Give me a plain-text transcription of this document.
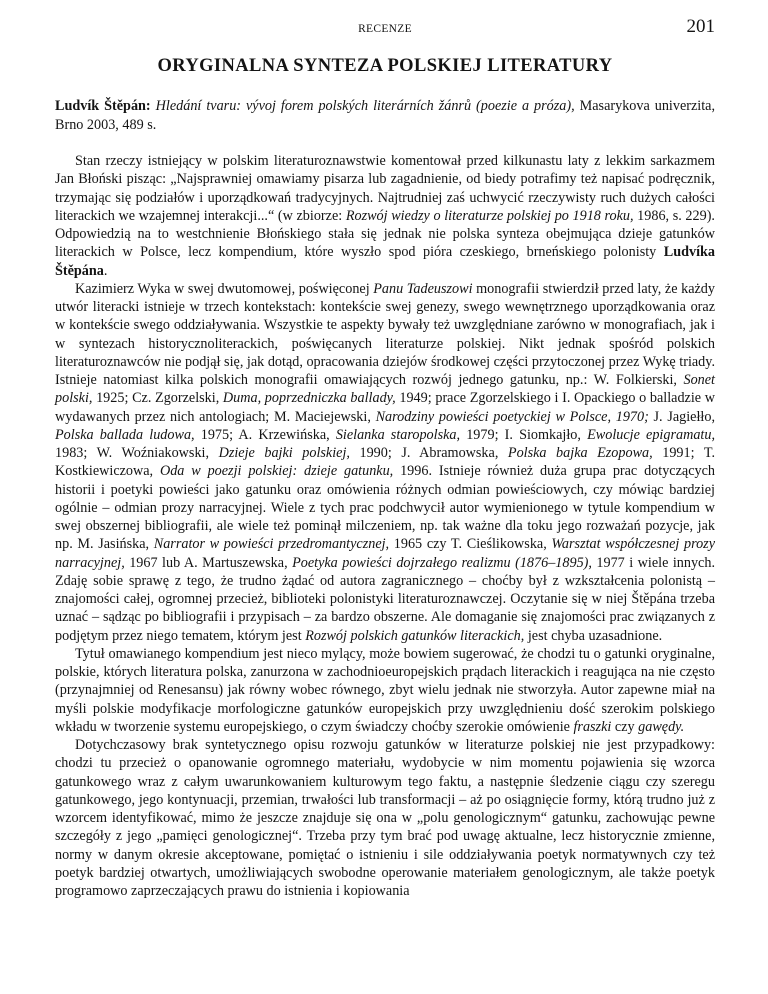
RECENZE	201
ORYGINALNA SYNTEZA POLSKIEJ LITERATURY

Ludvík Štěpán: Hledání tvaru: vývoj forem polských literárních žánrů (poezie a próza), Masarykova univerzita, Brno 2003, 489 s.

Stan rzeczy istniejący w polskim literaturoznawstwie komentował przed kilkunastu laty z lekkim sarkazmem Jan Błoński pisząc: „Najsprawniej omawiamy pisarza lub zagadnienie, od biedy potrafimy też napisać podręcznik, trzymając się podziałów i uporządkowań tradycyjnych. Najtrudniej zaś uchwycić rzeczywisty ruch dużych całości literackich we wzajemnej interakcji...“ (w zbiorze: Rozwój wiedzy o literaturze polskiej po 1918 roku, 1986, s. 229). Odpowiedzią na to westchnienie Błońskiego stała się jednak nie polska synteza obejmująca dzieje gatunków literackich w Polsce, lecz kompendium, które wyszło spod pióra czeskiego, brneńskiego polonisty Ludvíka Štěpána.

Kazimierz Wyka w swej dwutomowej, poświęconej Panu Tadeuszowi monografii stwierdził przed laty, że każdy utwór literacki istnieje w trzech kontekstach: kontekście swej genezy, swego wewnętrznego uporządkowania oraz w kontekście swego oddziaływania. Wszystkie te aspekty bywały też uwzględniane zarówno w monografiach, jak i w syntezach historycznoliterackich, poświęcanych literaturze polskiej. Nikt jednak spośród polskich literaturoznawców nie podjął się, jak dotąd, opracowania dziejów środkowej części przytoczonej przez Wykę triady. Istnieje natomiast kilka polskich monografii omawiających rozwój jednego gatunku, np.: W. Folkierski, Sonet polski, 1925; Cz. Zgorzelski, Duma, poprzedniczka ballady, 1949; prace Zgorzelskiego i I. Opackiego o balladzie w wydawanych przez nich antologiach; M. Maciejewski, Narodziny powieści poetyckiej w Polsce, 1970; J. Jagiełło, Polska ballada ludowa, 1975; A. Krzewińska, Sielanka staropolska, 1979; I. Siomkajło, Ewolucje epigramatu, 1983; W. Woźniakowski, Dzieje bajki polskiej, 1990; J. Abramowska, Polska bajka Ezopowa, 1991; T. Kostkiewiczowa, Oda w poezji polskiej: dzieje gatunku, 1996. Istnieje również duża grupa prac dotyczących historii i poetyki powieści jako gatunku oraz omówienia różnych odmian powieściowych, czy mówiąc bardziej ogólnie – odmian prozy narracyjnej. Wiele z tych prac podchwycił autor wymienionego w tytule kompendium w swej obszernej bibliografii, ale wiele też pominął milczeniem, np. tak ważne dla toku jego rozważań pozycje, jak np. M. Jasińska, Narrator w powieści przedromantycznej, 1965 czy T. Cieślikowska, Warsztat współczesnej prozy narracyjnej, 1967 lub A. Martuszewska, Poetyka powieści dojrzałego realizmu (1876–1895), 1977 i wiele innych. Zdaję sobie sprawę z tego, że trudno żądać od autora zagranicznego – choćby był z wzkształcenia polonistą – znajomości całej, ogromnej przecież, biblioteki polonistyki literaturoznawczej. Oczytanie się w niej Štěpána trzeba uznać – sądząc po bibliografii i przypisach – za bardzo obszerne. Ale domaganie się znajomości prac związanych z podjętym przez niego tematem, którym jest Rozwój polskich gatunków literackich, jest chyba uzasadnione.

Tytuł omawianego kompendium jest nieco mylący, może bowiem sugerować, że chodzi tu o gatunki oryginalne, polskie, których literatura polska, zanurzona w zachodnioeuropejskich prądach literackich i reagująca na nie często (przynajmniej od Renesansu) jak równy wobec równego, zbyt wielu jednak nie stworzyła. Autor zapewne miał na myśli polskie modyfikacje morfologiczne gatunków europejskich przy uwzględnieniu dość szerokim polskiego wkładu w tworzenie systemu europejskiego, o czym świadczy choćby szerokie omówienie fraszki czy gawędy.

Dotychczasowy brak syntetycznego opisu rozwoju gatunków w literaturze polskiej nie jest przypadkowy: chodzi tu przecież o opanowanie ogromnego materiału, wydobycie w nim momentu pojawienia się wzorca gatunkowego wraz z całym uwarunkowaniem kulturowym tego faktu, a następnie śledzenie ciągu czy szeregu gatunkowego, jego kontynuacji, przemian, trwałości lub transformacji – aż po osiągnięcie formy, którą trudno już z wzorcem identyfikować, mimo że jeszcze znajduje się ona w „polu genologicznym“ gatunku, zachowując pewne szczegóły z jego „pamięci genologicznej“. Trzeba przy tym brać pod uwagę aktualne, lecz historycznie zmienne, normy w danym okresie akceptowane, pomiętać o istnieniu i sile oddziaływania poetyk normatywnych czy też poetyk bardziej otwartych, umożliwiających swobodne operowanie materiałem genologicznym, ale także poetyk programowo zaprzeczających prawu do istnienia i kopiowania
